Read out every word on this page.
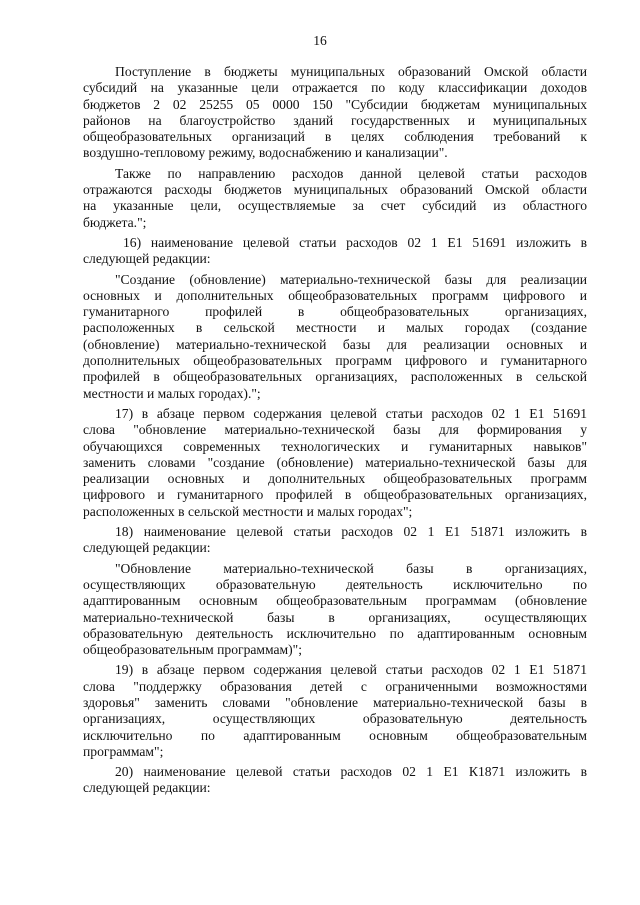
16
Поступление в бюджеты муниципальных образований Омской области
субсидий на указанные цели отражается по коду классификации доходов
бюджетов 2 02 25255 05 0000 150 "Субсидии бюджетам муниципальных
районов на благоустройство зданий государственных и муниципальных
общеобразовательных организаций в целях соблюдения требований к
воздушно-тепловому режиму, водоснабжению и канализации".
Также по направлению расходов данной целевой статьи расходов
отражаются расходы бюджетов муниципальных образований Омской области
на указанные цели, осуществляемые за счет субсидий из областного
бюджета.";
16) наименование целевой статьи расходов 02 1 Е1 51691 изложить в
следующей редакции:
"Создание (обновление) материально-технической базы для реализации
основных и дополнительных общеобразовательных программ цифрового и
гуманитарного профилей в общеобразовательных организациях,
расположенных в сельской местности и малых городах (создание
(обновление) материально-технической базы для реализации основных и
дополнительных общеобразовательных программ цифрового и гуманитарного
профилей в общеобразовательных организациях, расположенных в сельской
местности и малых городах).";
17) в абзаце первом содержания целевой статьи расходов 02 1 Е1 51691
слова "обновление материально-технической базы для формирования у
обучающихся современных технологических и гуманитарных навыков"
заменить словами "создание (обновление) материально-технической базы для
реализации основных и дополнительных общеобразовательных программ
цифрового и гуманитарного профилей в общеобразовательных организациях,
расположенных в сельской местности и малых городах";
18) наименование целевой статьи расходов 02 1 Е1 51871 изложить в
следующей редакции:
"Обновление материально-технической базы в организациях,
осуществляющих образовательную деятельность исключительно по
адаптированным основным общеобразовательным программам (обновление
материально-технической базы в организациях, осуществляющих
образовательную деятельность исключительно по адаптированным основным
общеобразовательным программам)";
19) в абзаце первом содержания целевой статьи расходов 02 1 Е1 51871
слова "поддержку образования детей с ограниченными возможностями
здоровья" заменить словами "обновление материально-технической базы в
организациях, осуществляющих образовательную деятельность
исключительно по адаптированным основным общеобразовательным
программам";
20) наименование целевой статьи расходов 02 1 Е1 К1871 изложить в
следующей редакции:
